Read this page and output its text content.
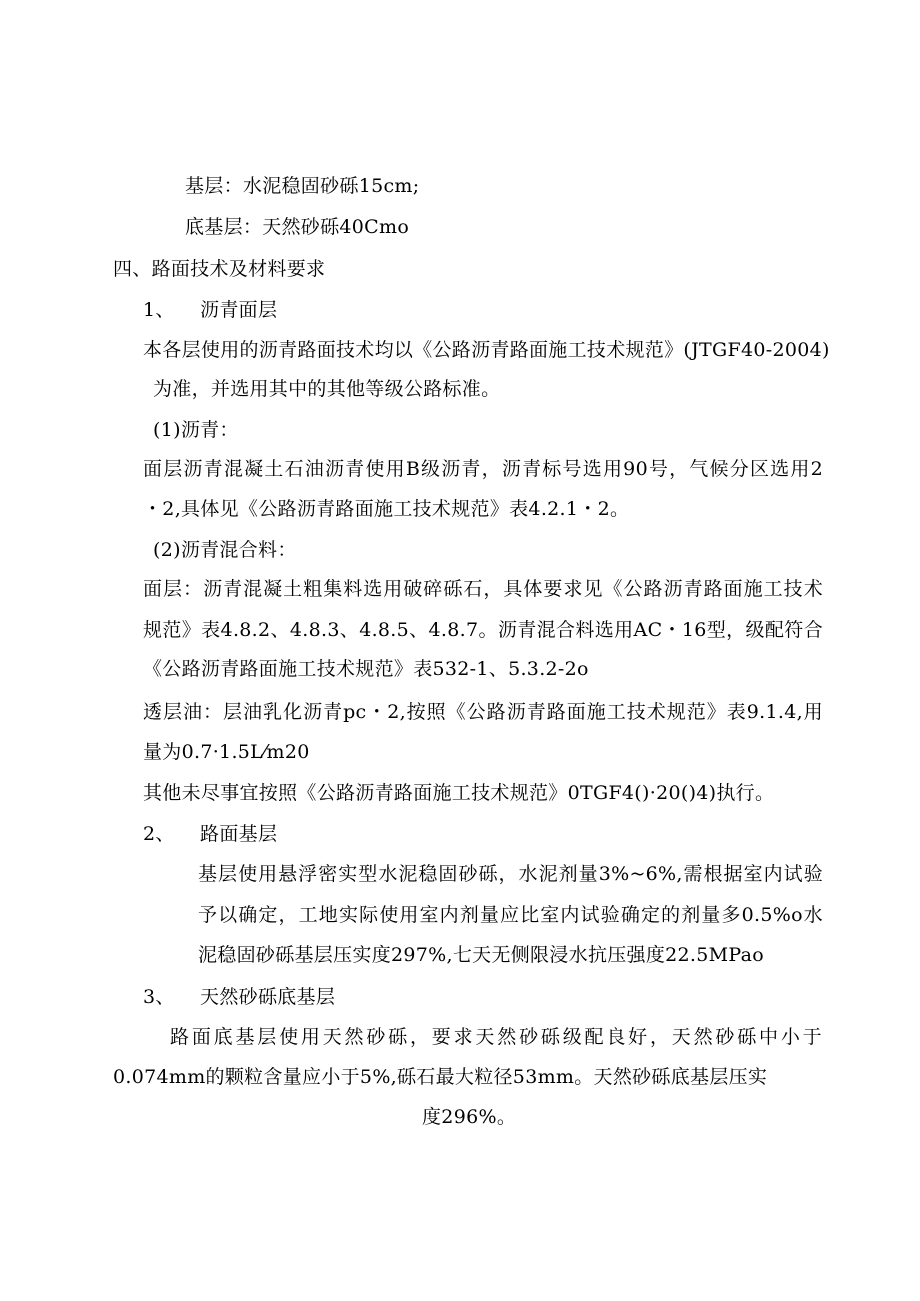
基层：水泥稳固砂砾15cm;
底基层：天然砂砾40Cmo
四、路面技术及材料要求
1、    沥青面层
本各层使用的沥青路面技术均以《公路沥青路面施工技术规范》(JTGF40-2004)
为准，并选用其中的其他等级公路标准。
(1)沥青：
面层沥青混凝土石油沥青使用B级沥青，沥青标号选用90号，气候分区选用2
・2,具体见《公路沥青路面施工技术规范》表4.2.1・2。
(2)沥青混合料：
面层：沥青混凝土粗集料选用破碎砾石，具体要求见《公路沥青路面施工技术
规范》表4.8.2、4.8.3、4.8.5、4.8.7。沥青混合料选用AC・16型，级配符合
《公路沥青路面施工技术规范》表532-1、5.3.2-2o
透层油：层油乳化沥青pc・2,按照《公路沥青路面施工技术规范》表9.1.4,用
量为0.7·1.5L⁄m20
其他未尽事宜按照《公路沥青路面施工技术规范》0TGF4()·20()4)执行。
2、    路面基层
基层使用悬浮密实型水泥稳固砂砾，水泥剂量3%~6%,需根据室内试验
予以确定，工地实际使用室内剂量应比室内试验确定的剂量多0.5%o水
泥稳固砂砾基层压实度297%,七天无侧限浸水抗压强度22.5MPao
3、    天然砂砾底基层
路面底基层使用天然砂砾，要求天然砂砾级配良好，天然砂砾中小于
0.074mm的颗粒含量应小于5%,砾石最大粒径53mm。天然砂砾底基层压实
度296%。
